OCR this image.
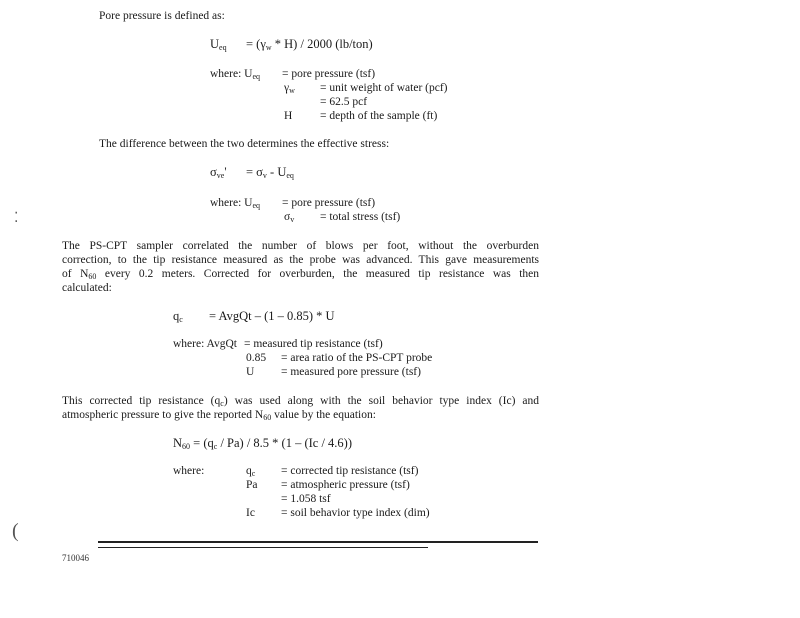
Pore pressure is defined as:
$U_{eq} = (\gamma_w * H) / 2000$ (lb/ton)
where: $U_{eq}$ = pore pressure (tsf)
$\gamma_w$ = unit weight of water (pcf)
= 62.5 pcf
H = depth of the sample (ft)
The difference between the two determines the effective stress:
$\sigma_{ve}' = \sigma_v - U_{eq}$
where: $U_{eq}$ = pore pressure (tsf)
$\sigma_v$ = total stress (tsf)
The PS-CPT sampler correlated the number of blows per foot, without the overburden
correction, to the tip resistance measured as the probe was advanced. This gave measurements
of $N_{60}$ every 0.2 meters. Corrected for overburden, the measured tip resistance was then
calculated:
$q_c$ = AvgQt – (1 – 0.85) * U
where: AvgQt = measured tip resistance (tsf)
0.85 = area ratio of the PS-CPT probe
U = measured pore pressure (tsf)
This corrected tip resistance $(q_c)$ was used along with the soil behavior type index (Ic) and
atmospheric pressure to give the reported $N_{60}$ value by the equation:
$N_{60} = (q_c / Pa) / 8.5 * (1 - (Ic / 4.6))$
where:	$q_c$ = corrected tip resistance (tsf)
Pa = atmospheric pressure (tsf)
= 1.058 tsf
Ic = soil behavior type index (dim)
710046
⁚
(
